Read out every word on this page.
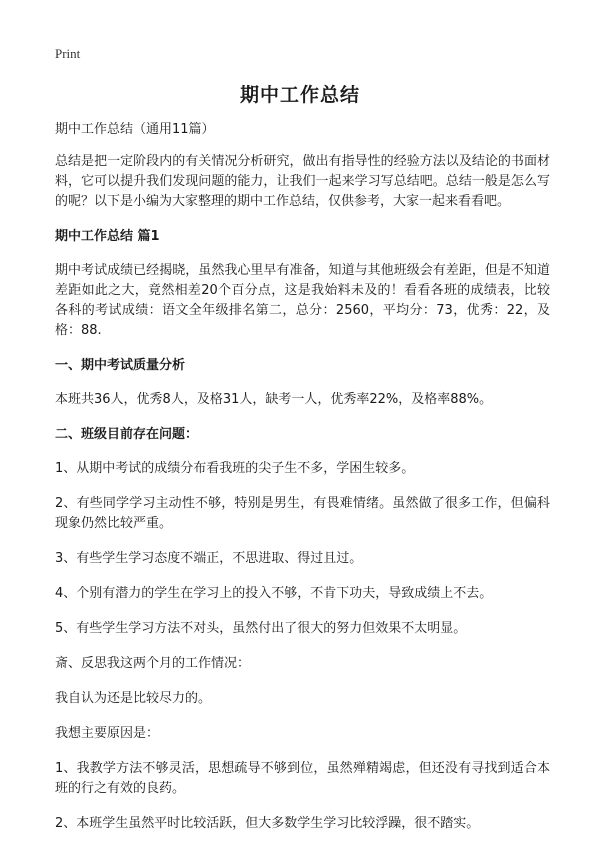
Print
期中工作总结
期中工作总结（通用11篇）
总结是把一定阶段内的有关情况分析研究，做出有指导性的经验方法以及结论的书面材料，它可以提升我们发现问题的能力，让我们一起来学习写总结吧。总结一般是怎么写的呢？以下是小编为大家整理的期中工作总结，仅供参考，大家一起来看看吧。
期中工作总结 篇1
期中考试成绩已经揭晓，虽然我心里早有准备，知道与其他班级会有差距，但是不知道差距如此之大，竟然相差20个百分点，这是我始料未及的！看看各班的成绩表，比较各科的考试成绩：语文全年级排名第二，总分：2560，平均分：73，优秀：22，及格：88.
一、期中考试质量分析
本班共36人，优秀8人，及格31人，缺考一人，优秀率22%，及格率88%。
二、班级目前存在问题：
1、从期中考试的成绩分布看我班的尖子生不多，学困生较多。
2、有些同学学习主动性不够，特别是男生，有畏难情绪。虽然做了很多工作，但偏科现象仍然比较严重。
3、有些学生学习态度不端正，不思进取、得过且过。
4、个别有潜力的学生在学习上的投入不够，不肯下功夫，导致成绩上不去。
5、有些学生学习方法不对头，虽然付出了很大的努力但效果不太明显。
斎、反思我这两个月的工作情况：
我自认为还是比较尽力的。
我想主要原因是：
1、我教学方法不够灵活，思想疏导不够到位，虽然殚精竭虑，但还没有寻找到适合本班的行之有效的良药。
2、本班学生虽然平时比较活跃，但大多数学生学习比较浮躁，很不踏实。
